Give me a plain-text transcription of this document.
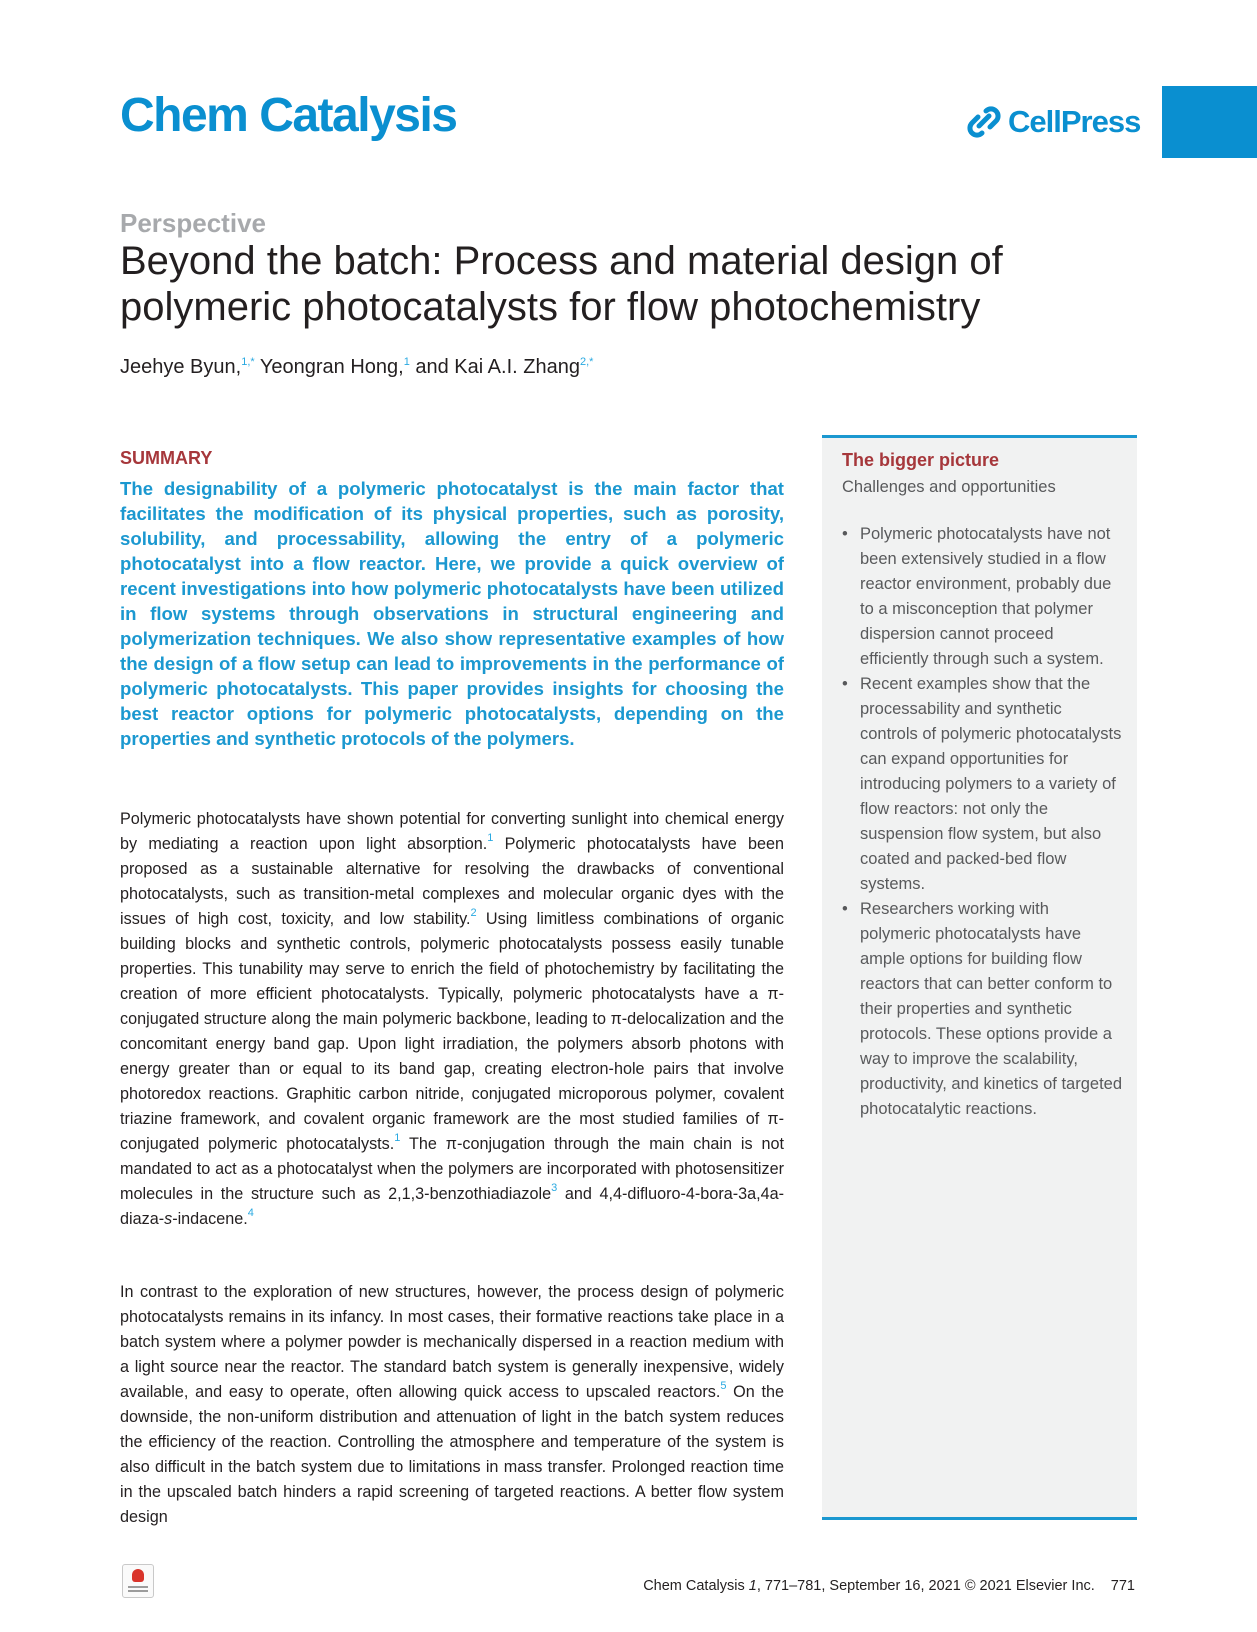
Chem Catalysis	CellPress
Perspective
Beyond the batch: Process and material design of polymeric photocatalysts for flow photochemistry
Jeehye Byun,$^{1,*}$ Yeongran Hong,$^1$ and Kai A.I. Zhang$^{2,*}$
SUMMARY
The designability of a polymeric photocatalyst is the main factor that facilitates the modification of its physical properties, such as porosity, solubility, and processability, allowing the entry of a polymeric photocatalyst into a flow reactor. Here, we provide a quick overview of recent investigations into how polymeric photocatalysts have been utilized in flow systems through observations in structural engineering and polymerization techniques. We also show representative examples of how the design of a flow setup can lead to improvements in the performance of polymeric photocatalysts. This paper provides insights for choosing the best reactor options for polymeric photocatalysts, depending on the properties and synthetic protocols of the polymers.
Polymeric photocatalysts have shown potential for converting sunlight into chemical energy by mediating a reaction upon light absorption.$^1$ Polymeric photocatalysts have been proposed as a sustainable alternative for resolving the drawbacks of conventional photocatalysts, such as transition-metal complexes and molecular organic dyes with the issues of high cost, toxicity, and low stability.$^2$ Using limitless combinations of organic building blocks and synthetic controls, polymeric photocatalysts possess easily tunable properties. This tunability may serve to enrich the field of photochemistry by facilitating the creation of more efficient photocatalysts. Typically, polymeric photocatalysts have a π-conjugated structure along the main polymeric backbone, leading to π-delocalization and the concomitant energy band gap. Upon light irradiation, the polymers absorb photons with energy greater than or equal to its band gap, creating electron-hole pairs that involve photoredox reactions. Graphitic carbon nitride, conjugated microporous polymer, covalent triazine framework, and covalent organic framework are the most studied families of π-conjugated polymeric photocatalysts.$^1$ The π-conjugation through the main chain is not mandated to act as a photocatalyst when the polymers are incorporated with photosensitizer molecules in the structure such as 2,1,3-benzothiadiazole$^3$ and 4,4-difluoro-4-bora-3a,4a-diaza-s-indacene.$^4$
In contrast to the exploration of new structures, however, the process design of polymeric photocatalysts remains in its infancy. In most cases, their formative reactions take place in a batch system where a polymer powder is mechanically dispersed in a reaction medium with a light source near the reactor. The standard batch system is generally inexpensive, widely available, and easy to operate, often allowing quick access to upscaled reactors.$^5$ On the downside, the non-uniform distribution and attenuation of light in the batch system reduces the efficiency of the reaction. Controlling the atmosphere and temperature of the system is also difficult in the batch system due to limitations in mass transfer. Prolonged reaction time in the upscaled batch hinders a rapid screening of targeted reactions. A better flow system design
The bigger picture
Challenges and opportunities
• Polymeric photocatalysts have not been extensively studied in a flow reactor environment, probably due to a misconception that polymer dispersion cannot proceed efficiently through such a system.
• Recent examples show that the processability and synthetic controls of polymeric photocatalysts can expand opportunities for introducing polymers to a variety of flow reactors: not only the suspension flow system, but also coated and packed-bed flow systems.
• Researchers working with polymeric photocatalysts have ample options for building flow reactors that can better conform to their properties and synthetic protocols. These options provide a way to improve the scalability, productivity, and kinetics of targeted photocatalytic reactions.
Chem Catalysis 1, 771–781, September 16, 2021 © 2021 Elsevier Inc. 771
